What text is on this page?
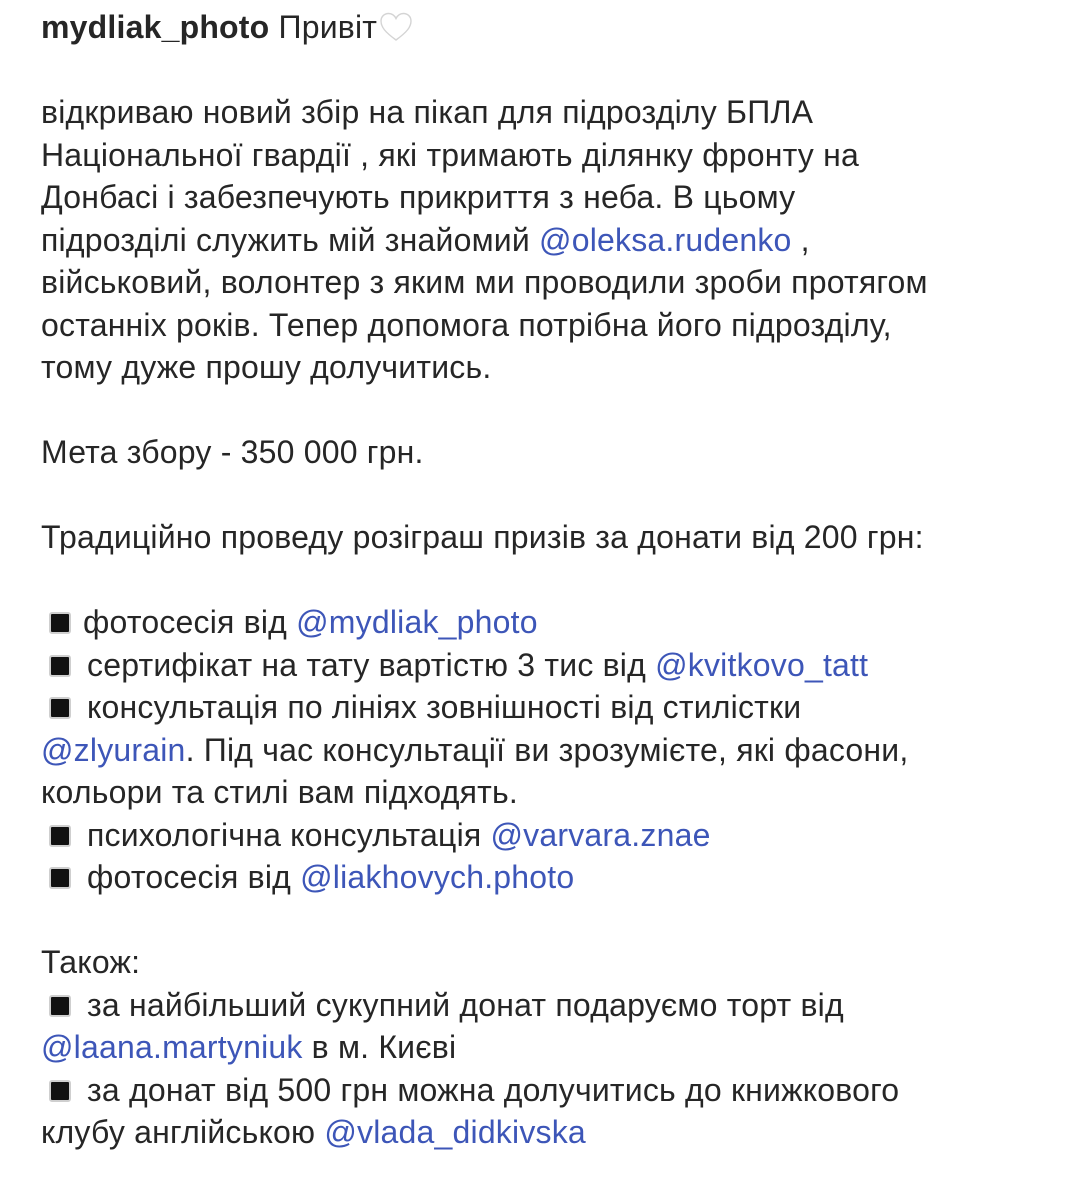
mydliak_photo Привіт
відкриваю новий збір на пікап для підрозділу БПЛА
Національної гвардії , які тримають ділянку фронту на
Донбасі і забезпечують прикриття з неба. В цьому
підрозділі служить мій знайомий @oleksa.rudenko ,
військовий, волонтер з яким ми проводили зроби протягом
останніх років. Тепер допомога потрібна його підрозділу,
тому дуже прошу долучитись.
Мета збору - 350 000 грн.
Традиційно проведу розіграш призів за донати від 200 грн:
фотосесія від @mydliak_photo
сертифікат на тату вартістю 3 тис від @kvitkovo_tatt
консультація по лініях зовнішності від стилістки
@zlyurain. Під час консультації ви зрозумієте, які фасони,
кольори та стилі вам підходять.
психологічна консультація @varvara.znae
фотосесія від @liakhovych.photo
Також:
за найбільший сукупний донат подаруємо торт від
@laana.martyniuk в м. Києві
за донат від 500 грн можна долучитись до книжкового
клубу англійською @vlada_didkivska
